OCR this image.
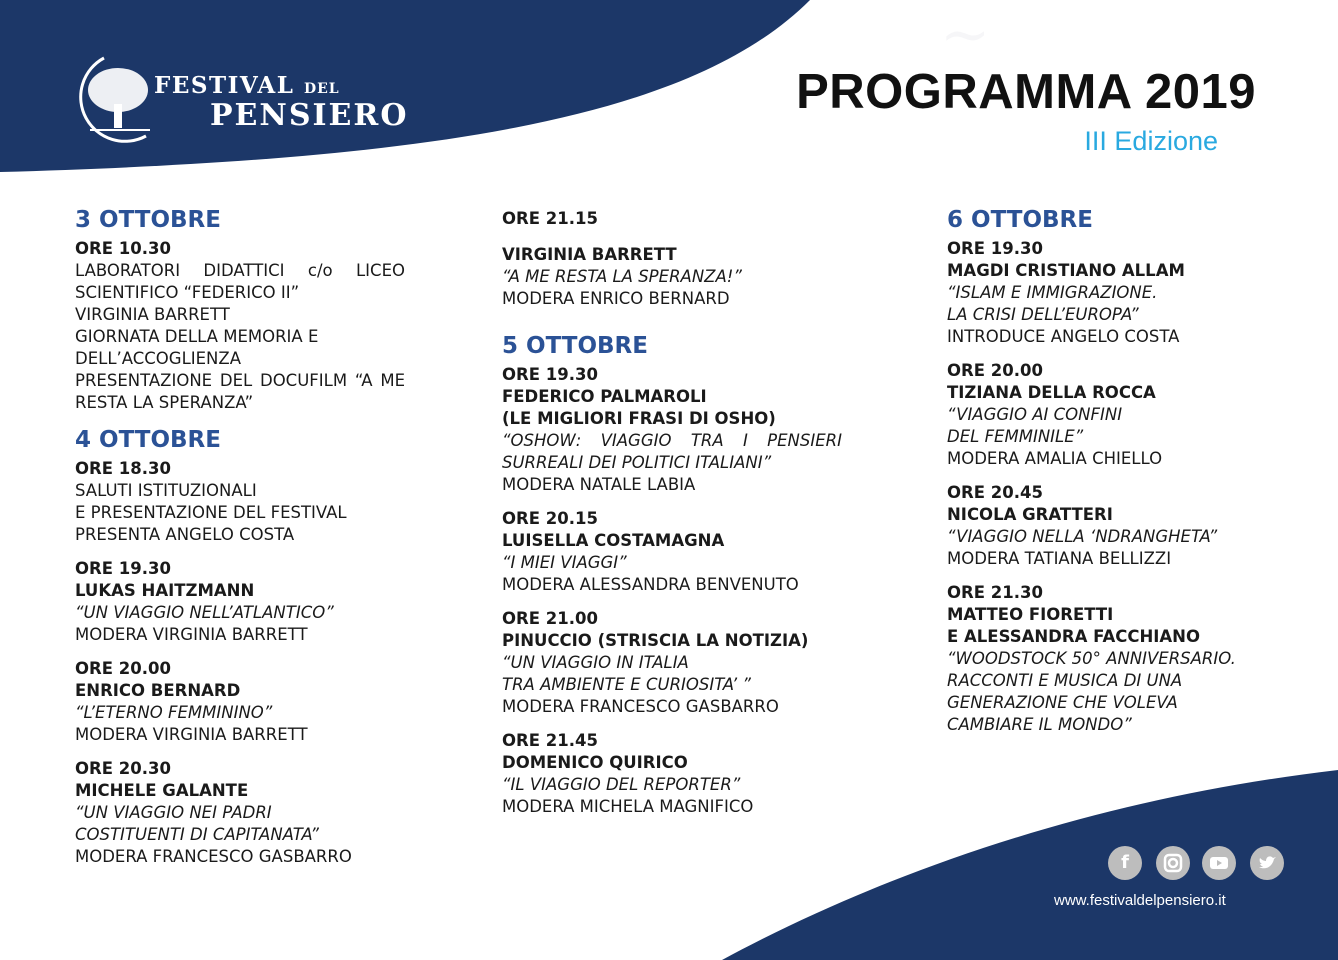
~
FESTIVAL DEL
PENSIERO	PROGRAMMA 2019
III Edizione
3 OTTOBRE
ORE 10.30
LABORATORI DIDATTICI c/o LICEO SCIENTIFICO “FEDERICO II”
VIRGINIA BARRETT
GIORNATA DELLA MEMORIA E DELL’ACCOGLIENZA
PRESENTAZIONE DEL DOCUFILM “A ME RESTA LA SPERANZA”
4 OTTOBRE
ORE 18.30
SALUTI ISTITUZIONALI
E PRESENTAZIONE DEL FESTIVAL
PRESENTA ANGELO COSTA
ORE 19.30
LUKAS HAITZMANN
“UN VIAGGIO NELL’ATLANTICO”
MODERA VIRGINIA BARRETT
ORE 20.00
ENRICO BERNARD
“L’ETERNO FEMMININO”
MODERA VIRGINIA BARRETT
ORE 20.30
MICHELE GALANTE
“UN VIAGGIO NEI PADRI
COSTITUENTI DI CAPITANATA”
MODERA FRANCESCO GASBARRO
ORE 21.15
VIRGINIA BARRETT
“A ME RESTA LA SPERANZA!”
MODERA ENRICO BERNARD
5 OTTOBRE
ORE 19.30
FEDERICO PALMAROLI
(LE MIGLIORI FRASI DI OSHO)
“OSHOW: VIAGGIO TRA I PENSIERI SURREALI DEI POLITICI ITALIANI”
MODERA NATALE LABIA
ORE 20.15
LUISELLA COSTAMAGNA
“I MIEI VIAGGI”
MODERA ALESSANDRA BENVENUTO
ORE 21.00
PINUCCIO (STRISCIA LA NOTIZIA)
“UN VIAGGIO IN ITALIA
TRA AMBIENTE E CURIOSITA’ ”
MODERA FRANCESCO GASBARRO
ORE 21.45
DOMENICO QUIRICO
“IL VIAGGIO DEL REPORTER”
MODERA MICHELA MAGNIFICO
6 OTTOBRE
ORE 19.30
MAGDI CRISTIANO ALLAM
“ISLAM E IMMIGRAZIONE.
LA CRISI DELL’EUROPA”
INTRODUCE ANGELO COSTA
ORE 20.00
TIZIANA DELLA ROCCA
“VIAGGIO AI CONFINI
DEL FEMMINILE”
MODERA AMALIA CHIELLO
ORE 20.45
NICOLA GRATTERI
“VIAGGIO NELLA ‘NDRANGHETA”
MODERA TATIANA BELLIZZI
ORE 21.30
MATTEO FIORETTI
E ALESSANDRA FACCHIANO
“WOODSTOCK 50° ANNIVERSARIO.
RACCONTI E MUSICA DI UNA
GENERAZIONE CHE VOLEVA
CAMBIARE IL MONDO”
f
www.festivaldelpensiero.it
